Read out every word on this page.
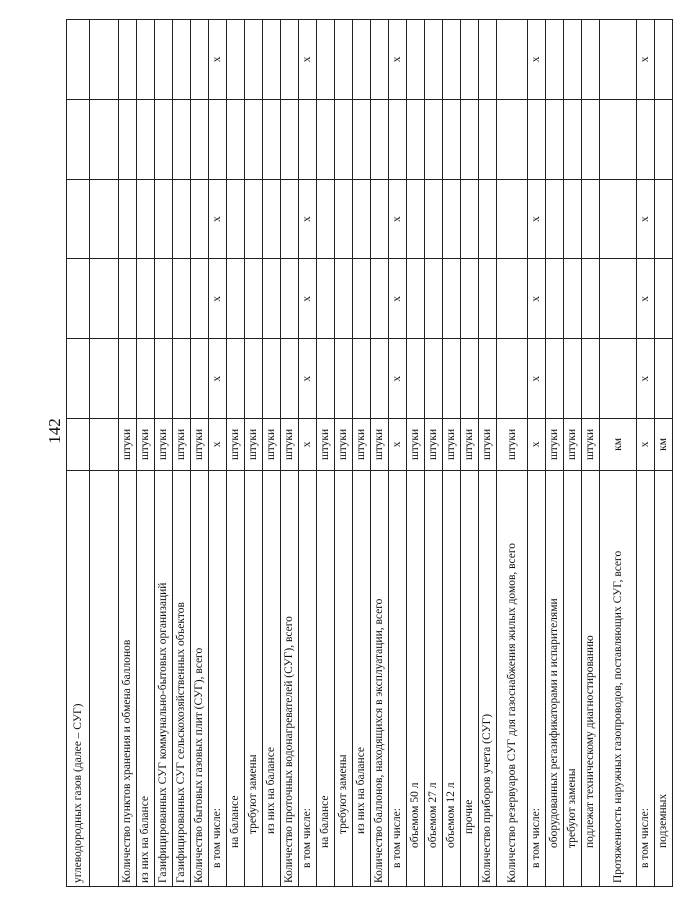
142
углеводородных газов (далее – СУГ)						

Количество пунктов хранения и обмена баллонов	штуки					
из них на балансе	штуки					
Газифицированных СУГ коммунально-бытовых организаций	штуки					
Газифицированных СУГ сельскохозяйственных объектов	штуки					
Количество бытовых газовых плит (СУГ), всего	штуки					
в том числе:	х	х	х	х		х
на балансе	штуки					
требуют замены	штуки					
из них на балансе	штуки					
Количество проточных водонагревателей (СУГ), всего	штуки					
в том числе:	х	х	х	х		х
на балансе	штуки					
требуют замены	штуки					
из них на балансе	штуки					
Количество баллонов, находящихся в эксплуатации, всего	штуки					
в том числе:	х	х	х	х		х
объемом 50 л	штуки					
объемом 27 л	штуки					
объемом 12 л	штуки					
прочие	штуки					
Количество приборов учета (СУГ)	штуки					
Количество резервуаров СУГ для газоснабжения жилых домов, всего	штуки					
в том числе:	х	х	х	х		х
оборудованных регазификаторами и испарителями	штуки					
требуют замены	штуки					
подлежат техническому диагностированию	штуки					
Протяженность наружных газопроводов, поставляющих СУГ, всего	км					
в том числе:	х	х	х	х		х
подземных	км					
